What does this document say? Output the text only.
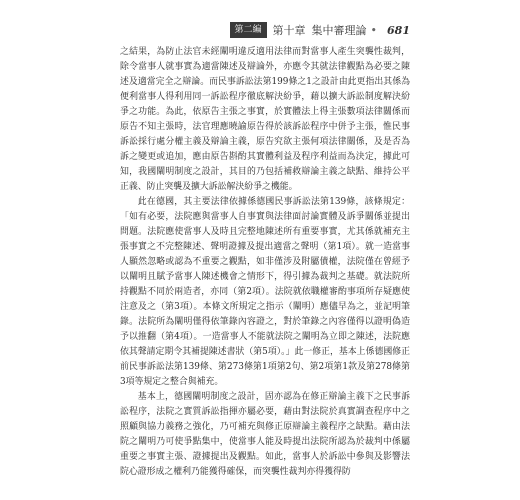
第二編	第十章 集中審理論 • 681

之結果，為防止法官未經闡明違反適用法律而對當事人產生突襲性裁判，除令當事人就事實為適當陳述及辯論外，亦應令其就法律觀點為必要之陳述及適當完全之辯論。而民事訴訟法第199條之1之設計由此更指出其係為便利當事人得利用同一訴訟程序徹底解決紛爭，藉以擴大訴訟制度解決紛爭之功能。為此，依原告主張之事實，於實體法上得主張數項法律關係而原告不知主張時，法官理應曉諭原告得於該訴訟程序中併予主張，惟民事訴訟採行處分權主義及辯論主義，原告究欲主張何項法律關係，及是否為訴之變更或追加，應由原告斟酌其實體利益及程序利益而為決定，據此可知，我國闡明制度之設計，其目的乃包括補救辯論主義之缺點、維持公平正義、防止突襲及擴大訴訟解決紛爭之機能。

此在德國，其主要法律依據係德國民事訴訟法第139條，該條規定：「如有必要，法院應與當事人自事實與法律面討論實體及訴爭關係並提出問題。法院應使當事人及時且完整地陳述所有重要事實，尤其係就補充主張事實之不完整陳述、聲明證據及提出適當之聲明（第1項）。就一造當事人顯然忽略或認為不重要之觀點，如非僅涉及附屬債權，法院僅在曾經予以闡明且賦予當事人陳述機會之情形下，得引據為裁判之基礎。就法院所持觀點不同於兩造者，亦同（第2項）。法院就依職權審酌事項所存疑應使注意及之（第3項）。本條文所規定之指示（闡明）應儘早為之，並記明筆錄。法院所為闡明僅得依筆錄內容證之，對於筆錄之內容僅得以證明偽造予以推翻（第4項）。一造當事人不能就法院之闡明為立即之陳述，法院應依其聲請定期令其補提陳述書狀（第5項）。」此一修正，基本上係德國修正前民事訴訟法第139條、第273條第1項第2句、第2項第1款及第278條第3項等規定之整合與補充。

基本上，德國闡明制度之設計，固亦認為在修正辯論主義下之民事訴訟程序，法院之實質訴訟指揮亦屬必要，藉由對法院於真實調查程序中之照顧與協力義務之強化，乃可補充與修正原辯論主義程序之缺點。藉由法院之闡明乃可使爭點集中，使當事人能及時提出法院所認為於裁判中係屬重要之事實主張、證據提出及觀點。如此，當事人於訴訟中參與及影響法院心證形成之權利乃能獲得確保，而突襲性裁判亦得獲得防
